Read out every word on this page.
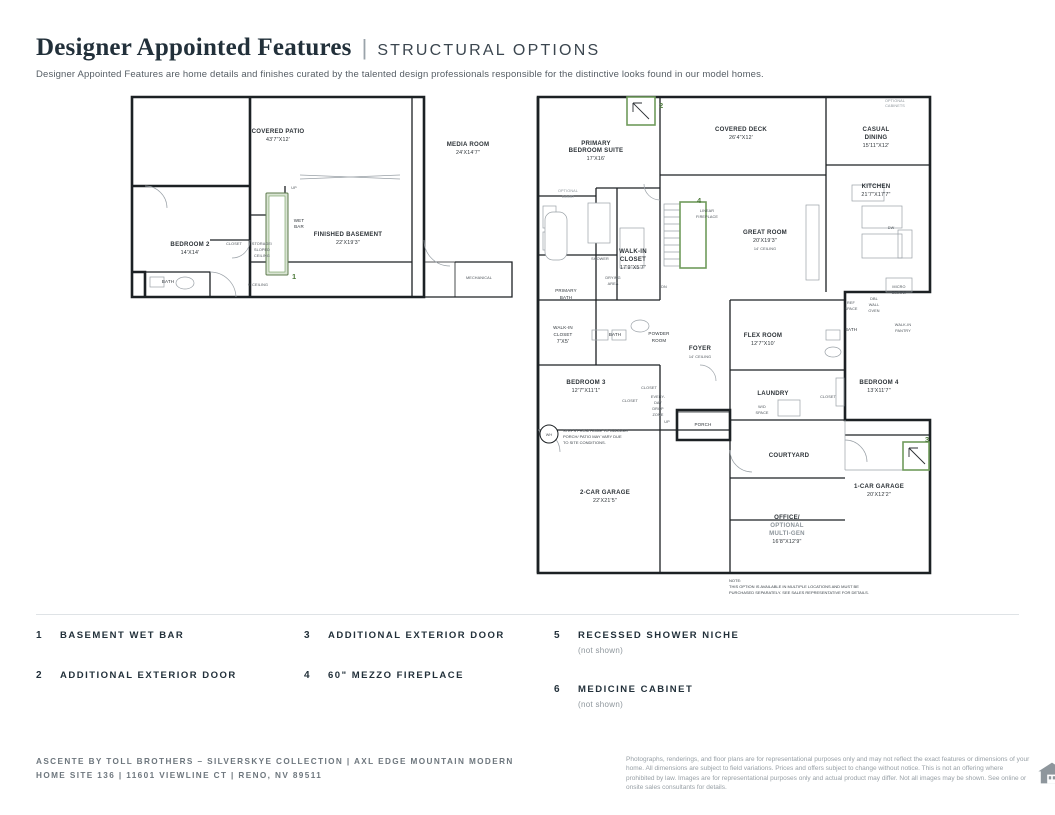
Designer Appointed Features | STRUCTURAL OPTIONS
Designer Appointed Features are home details and finishes curated by the talented design professionals responsible for the distinctive looks found in our model homes.
COVERED PATIO
43'7"X12'
MEDIA ROOM
24'X14'7"
BEDROOM 2
14'X14'
FINISHED BASEMENT
22'X19'3"
WET
BAR
BATH
CLOSET	STORAGE/
SLOPED
CEILING
MECHANICAL
UP
9' CEILING
1
2
4
3
WH
PRIMARY
BEDROOM SUITE
17'X16'
COVERED DECK
26'4"X12'
CASUAL
DINING
15'11"X12'
OPTIONAL
CABINETS
KITCHEN
21'7"X17'7"
DW
REF
SPACE
DBL
WALL
OVEN
MICRO
BELOW
WALK-IN
PANTRY
GREAT ROOM
20'X19'3"
14' CEILING
LINEAR
FIREPLACE
WALK-IN
CLOSET
17'9"X5'7"
SHOWER
DRYING
AREA
OPTIONAL
DOOR
PRIMARY
BATH
WALK-IN
CLOSET
7'X5'
BATH	POWDER
ROOM
FOYER
14' CEILING
FLEX ROOM
12'7"X10'
BATH
LAUNDRY
W/D
SPACE
CLOSET
BEDROOM 3
12'7"X11'1"	CLOSET
CLOSET
EVERY-
DAY
DROP
ZONE
BEDROOM 4
13'X11'7"
PORCH
UP
DN
2-CAR GARAGE
22'X21'5"
COURTYARD
OFFICE/
OPTIONAL
MULTI-GEN
16'8"X12'9"
1-CAR GARAGE
20'X12'2"
STEPS FROM HOME TO GARAGE/
PORCH/ PATIO MAY VARY DUE
TO SITE CONDITIONS.
NOTE:
THIS OPTION IS AVAILABLE IN MULTIPLE LOCATIONS AND MUST BE
PURCHASED SEPARATELY. SEE SALES REPRESENTATIVE FOR DETAILS.
1 BASEMENT WET BAR
2 ADDITIONAL EXTERIOR DOOR
3 ADDITIONAL EXTERIOR DOOR
4 60" MEZZO FIREPLACE
5 RECESSED SHOWER NICHE
(not shown)
6 MEDICINE CABINET
(not shown)
ASCENTE BY TOLL BROTHERS – SILVERSKYE COLLECTION | AXL EDGE MOUNTAIN MODERN
HOME SITE 136 | 11601 VIEWLINE CT | RENO, NV 89511
Photographs, renderings, and floor plans are for representational purposes only and may not reflect the exact features or dimensions of your home. All dimensions are subject to field variations. Prices and offers subject to change without notice. This is not an offering where prohibited by law. Images are for representational purposes only and actual product may differ. Not all images may be shown. See online or onsite sales consultants for details.
